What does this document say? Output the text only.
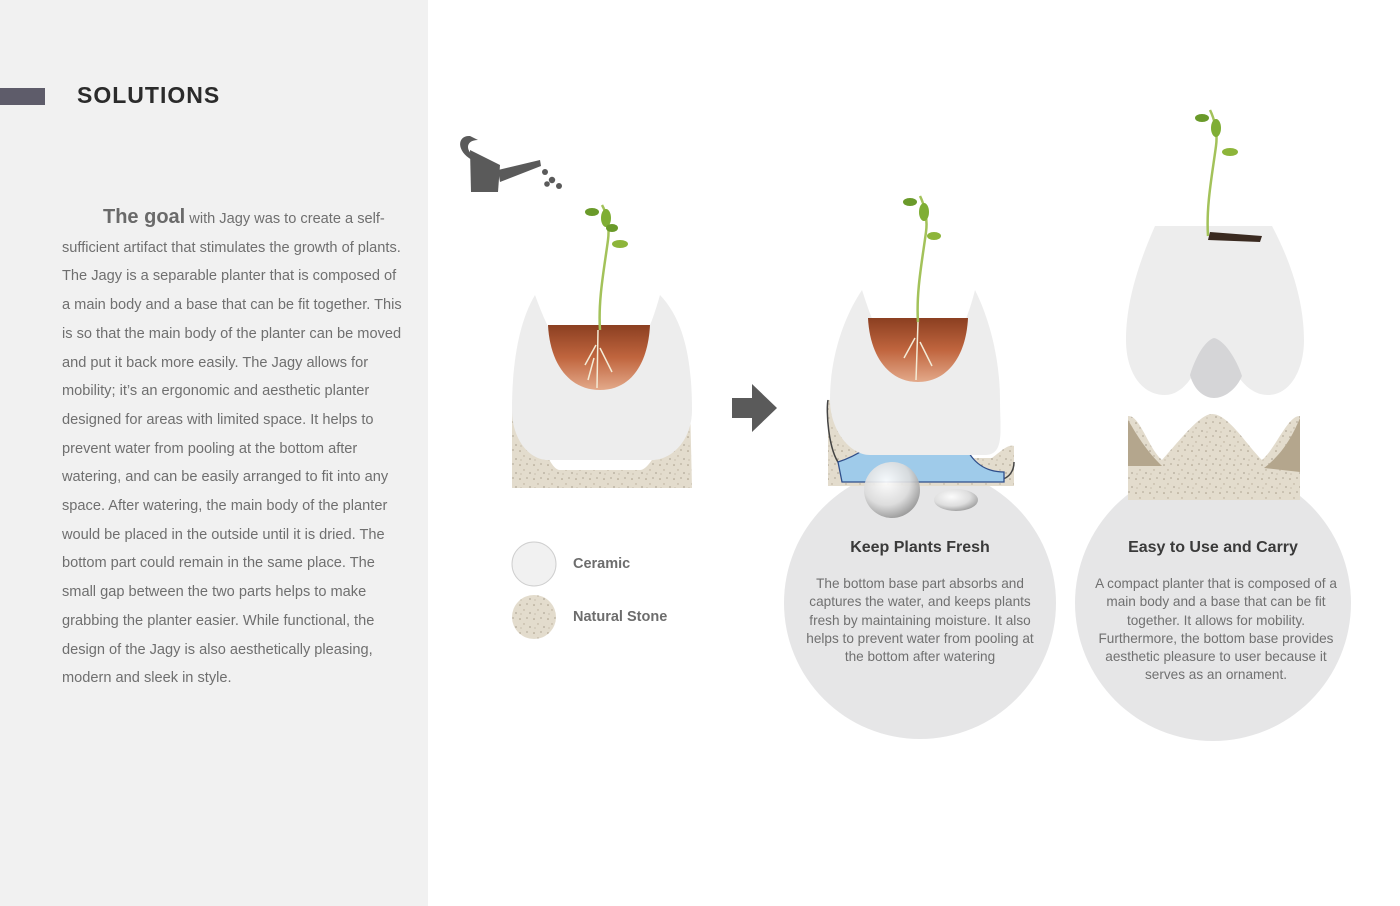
SOLUTIONS
The goal with Jagy was to create a self-sufficient artifact that stimulates the growth of plants. The Jagy is a separable planter that is composed of a main body and a base that can be fit together. This is so that the main body of the planter can be moved and put it back more easily. The Jagy allows for mobility; it’s an ergonomic and aesthetic planter designed for areas with limited space. It helps to prevent water from pooling at the bottom after watering, and can be easily arranged to fit into any space. After watering, the main body of the planter would be placed in the outside until it is dried. The bottom part could remain in the same place. The small gap between the two parts helps to make grabbing the planter easier. While functional, the design of the Jagy is also aesthetically pleasing, modern and sleek in style.
Ceramic
Natural Stone
Keep Plants Fresh
The bottom base part absorbs and captures the water, and keeps plants fresh by maintaining moisture. It also helps to prevent water from pooling at the bottom after watering
Easy to Use and Carry
A compact planter that is composed of a main body and a base that can be fit together. It allows for mobility. Furthermore, the bottom base provides aesthetic pleasure to user because it serves as an ornament.
